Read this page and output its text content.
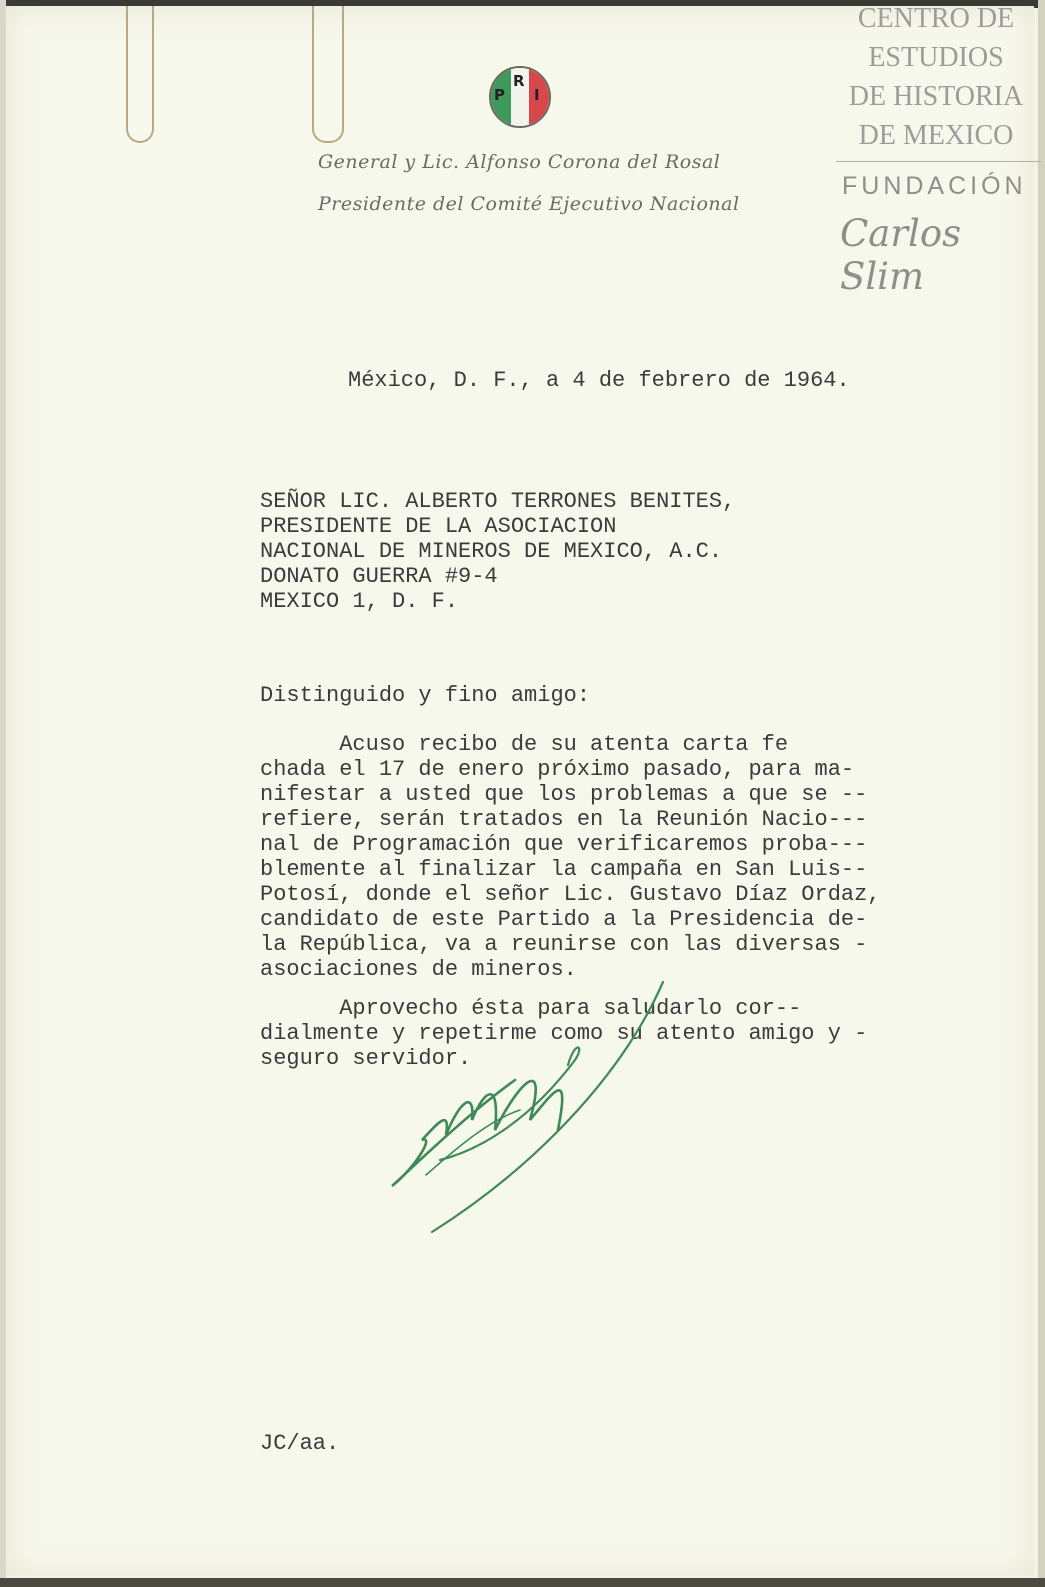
P
R
I
General y Lic. Alfonso Corona del Rosal
Presidente del Comité Ejecutivo Nacional
CENTRO DE
ESTUDIOS
DE HISTORIA
DE MEXICO
FUNDACIÓN
Carlos Slim
México, D. F., a 4 de febrero de 1964.
SEÑOR LIC. ALBERTO TERRONES BENITES,
PRESIDENTE DE LA ASOCIACION
NACIONAL DE MINEROS DE MEXICO, A.C.
DONATO GUERRA #9-4
MEXICO 1, D. F.
Distinguido y fino amigo:
Acuso recibo de su atenta carta fe
chada el 17 de enero próximo pasado, para ma-
nifestar a usted que los problemas a que se --
refiere, serán tratados en la Reunión Nacio---
nal de Programación que verificaremos proba---
blemente al finalizar la campaña en San Luis--
Potosí, donde el señor Lic. Gustavo Díaz Ordaz,
candidato de este Partido a la Presidencia de-
la República, va a reunirse con las diversas -
asociaciones de mineros.
Aprovecho ésta para saludarlo cor--
dialmente y repetirme como su atento amigo y -
seguro servidor.
JC/aa.
